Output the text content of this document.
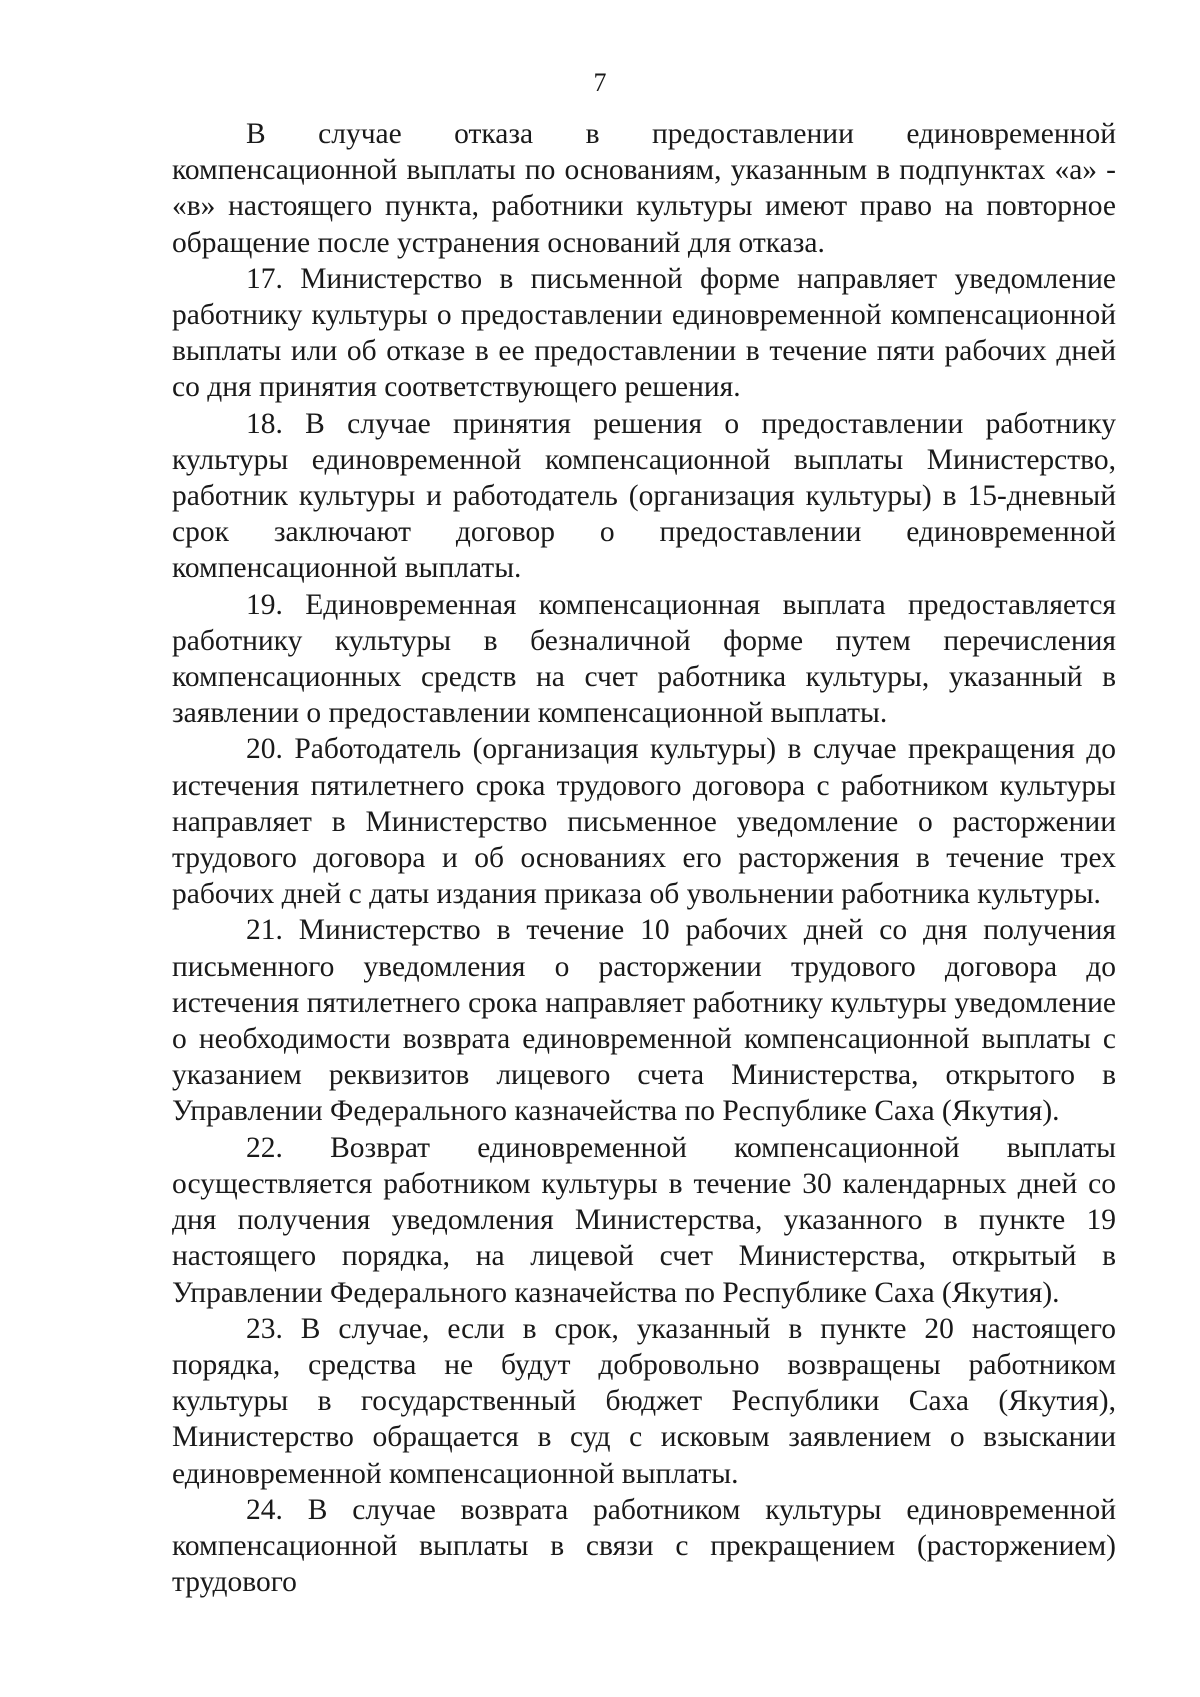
7

В случае отказа в предоставлении единовременной компенсационной выплаты по основаниям, указанным в подпунктах «а» - «в» настоящего пункта, работники культуры имеют право на повторное обращение после устранения оснований для отказа.

17. Министерство в письменной форме направляет уведомление работнику культуры о предоставлении единовременной компенсационной выплаты или об отказе в ее предоставлении в течение пяти рабочих дней со дня принятия соответствующего решения.

18. В случае принятия решения о предоставлении работнику культуры единовременной компенсационной выплаты Министерство, работник культуры и работодатель (организация культуры) в 15-дневный срок заключают договор о предоставлении единовременной компенсационной выплаты.

19. Единовременная компенсационная выплата предоставляется работнику культуры в безналичной форме путем перечисления компенсационных средств на счет работника культуры, указанный в заявлении о предоставлении компенсационной выплаты.

20. Работодатель (организация культуры) в случае прекращения до истечения пятилетнего срока трудового договора с работником культуры направляет в Министерство письменное уведомление о расторжении трудового договора и об основаниях его расторжения в течение трех рабочих дней с даты издания приказа об увольнении работника культуры.

21. Министерство в течение 10 рабочих дней со дня получения письменного уведомления о расторжении трудового договора до истечения пятилетнего срока направляет работнику культуры уведомление о необходимости возврата единовременной компенсационной выплаты с указанием реквизитов лицевого счета Министерства, открытого в Управлении Федерального казначейства по Республике Саха (Якутия).

22. Возврат единовременной компенсационной выплаты осуществляется работником культуры в течение 30 календарных дней со дня получения уведомления Министерства, указанного в пункте 19 настоящего порядка, на лицевой счет Министерства, открытый в Управлении Федерального казначейства по Республике Саха (Якутия).

23. В случае, если в срок, указанный в пункте 20 настоящего порядка, средства не будут добровольно возвращены работником культуры в государственный бюджет Республики Саха (Якутия), Министерство обращается в суд с исковым заявлением о взыскании единовременной компенсационной выплаты.

24. В случае возврата работником культуры единовременной компенсационной выплаты в связи с прекращением (расторжением) трудового
